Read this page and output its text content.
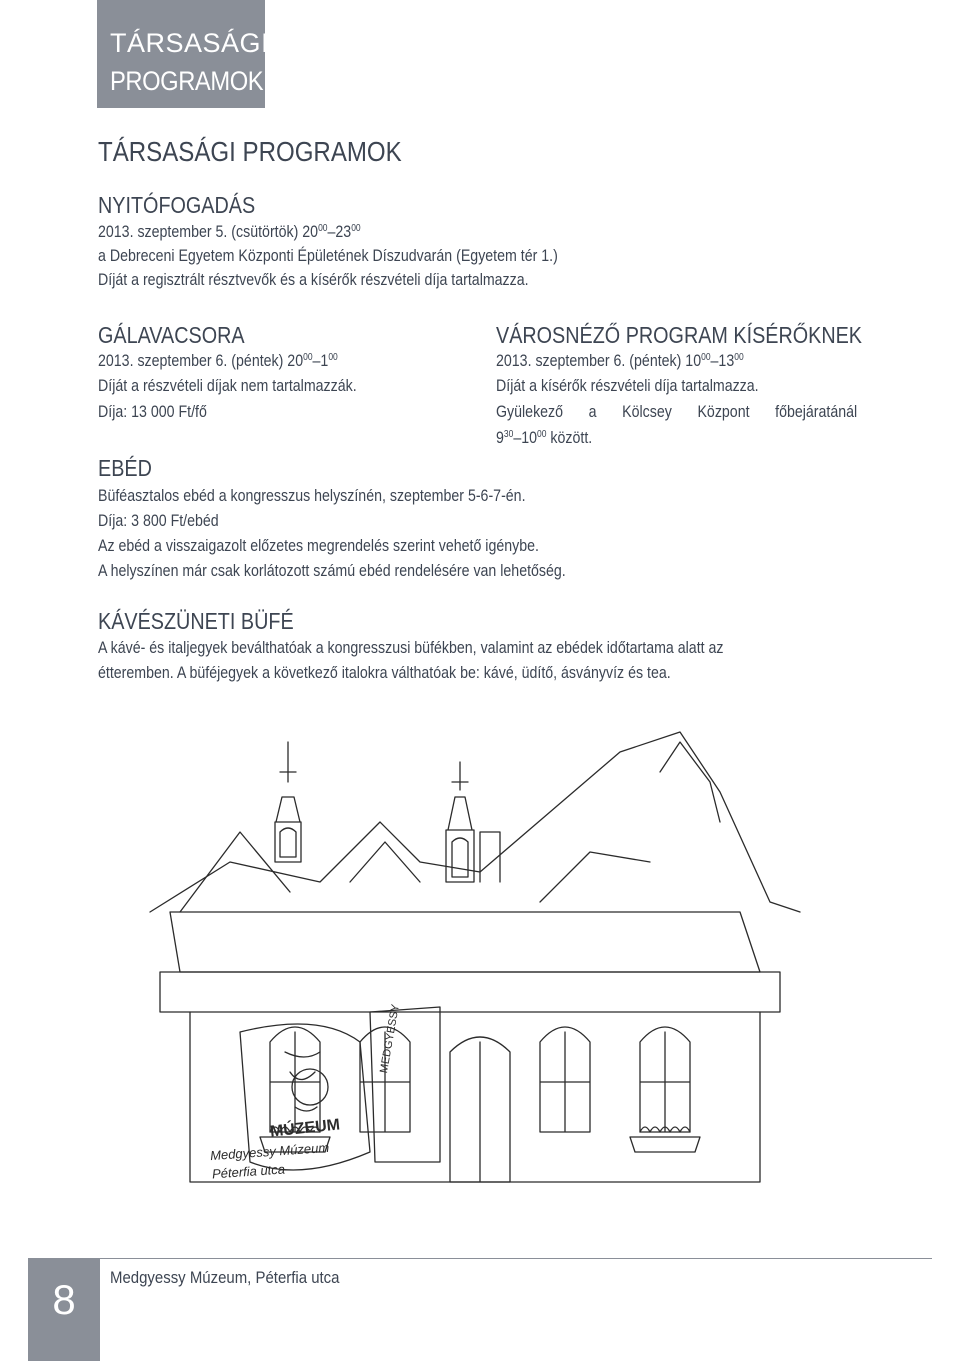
TÁRSASÁGI
PROGRAMOK
TÁRSASÁGI PROGRAMOK
NYITÓFOGADÁS
2013. szeptember 5. (csütörtök) $20^{00}-23^{00}$
a Debreceni Egyetem Központi Épületének Díszudvarán (Egyetem tér 1.)
Díját a regisztrált résztvevők és a kísérők részvételi díja tartalmazza.
GÁLAVACSORA
2013. szeptember 6. (péntek) $20^{00}-1^{00}$
Díját a részvételi díjak nem tartalmazzák.
Díja: 13 000 Ft/fő
VÁROSNÉZŐ PROGRAM KÍSÉRŐKNEK
2013. szeptember 6. (péntek) $10^{00}-13^{00}$
Díját a kísérők részvételi díja tartalmazza.
Gyülekező a Kölcsey Központ főbejáratánál
$9^{30}-10^{00}$ között.
EBÉD
Büféasztalos ebéd a kongresszus helyszínén, szeptember 5-6-7-én.
Díja: 3 800 Ft/ebéd
Az ebéd a visszaigazolt előzetes megrendelés szerint vehető igénybe.
A helyszínen már csak korlátozott számú ebéd rendelésére van lehetőség.
KÁVÉSZÜNETI BÜFÉ
A kávé- és italjegyek beválthatóak a kongresszusi büfékben, valamint az ebédek időtartama alatt az
étteremben. A büféjegyek a következő italokra válthatóak be: kávé, üdítő, ásványvíz és tea.
MÚZEUM
MEDGYESSY
Medgyessy Múzeum
Péterfia utca
8	Medgyessy Múzeum, Péterfia utca
